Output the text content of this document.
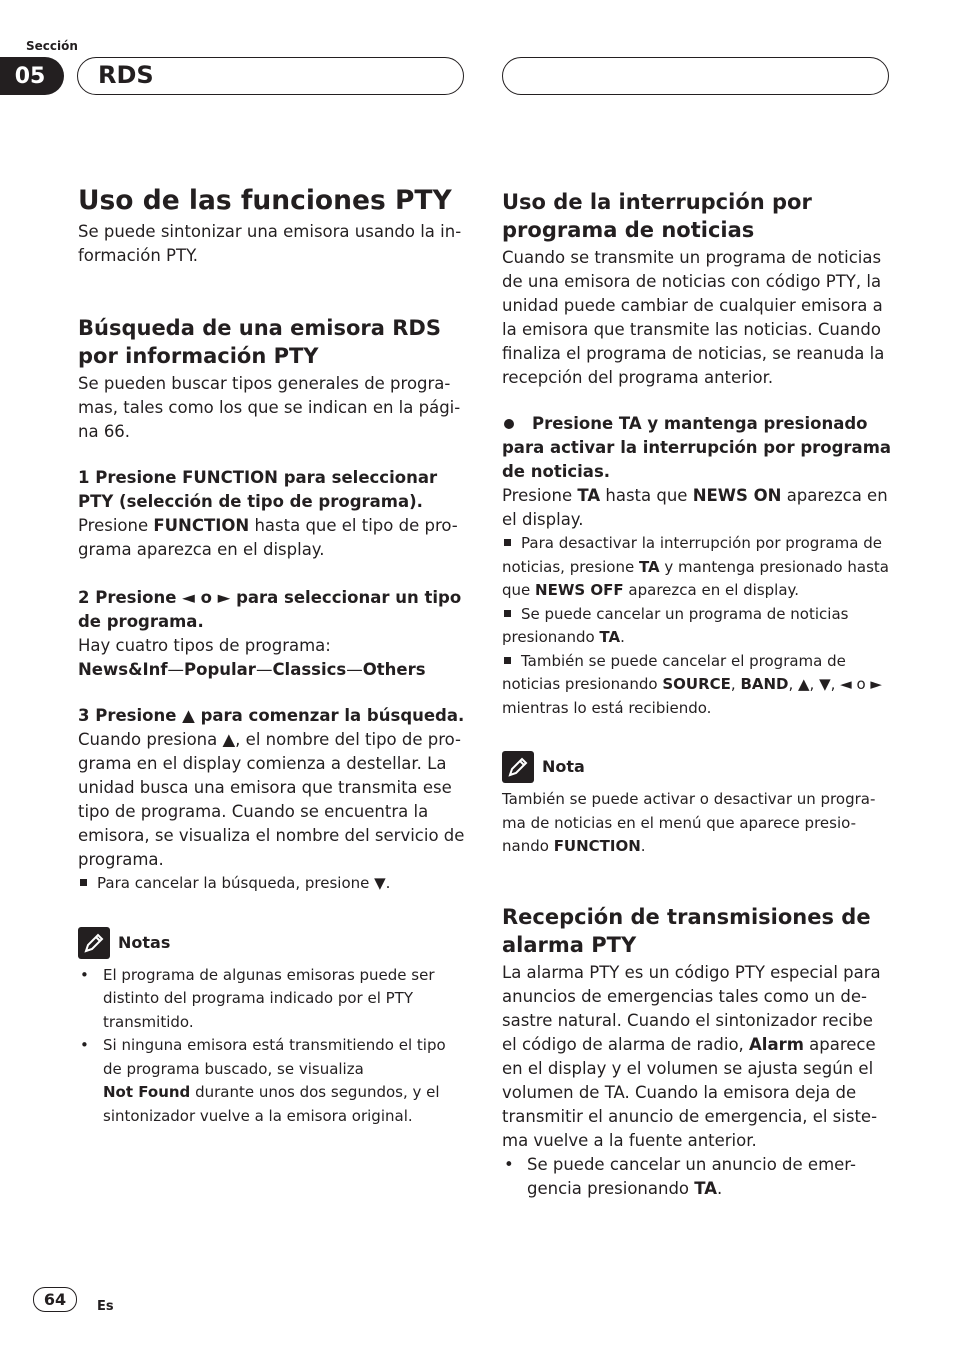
Sección
05	RDS
Uso de las funciones PTY

Se puede sintonizar una emisora usando la in-formación PTY.

Búsqueda de una emisora RDS por información PTY

Se pueden buscar tipos generales de progra-mas, tales como los que se indican en la pági-na 66.

1 Presione FUNCTION para seleccionar PTY (selección de tipo de programa).

Presione FUNCTION hasta que el tipo de pro-grama aparezca en el display.

2 Presione ◄ o ► para seleccionar un tipo de programa.

Hay cuatro tipos de programa:

News&Inf—Popular—Classics—Others

3 Presione ▲ para comenzar la búsqueda.

Cuando presiona ▲, el nombre del tipo de pro-grama en el display comienza a destellar. La unidad busca una emisora que transmita ese tipo de programa. Cuando se encuentra la emisora, se visualiza el nombre del servicio de programa.

Para cancelar la búsqueda, presione ▼.

Notas

• El programa de algunas emisoras puede ser distinto del programa indicado por el PTY transmitido.

• Si ninguna emisora está transmitiendo el tipo de programa buscado, se visualiza
Not Found durante unos dos segundos, y el sintonizador vuelve a la emisora original.

Uso de la interrupción por programa de noticias

Cuando se transmite un programa de noticias de una emisora de noticias con código PTY, la unidad puede cambiar de cualquier emisora a la emisora que transmite las noticias. Cuando finaliza el programa de noticias, se reanuda la recepción del programa anterior.

Presione TA y mantenga presionado para activar la interrupción por programa de noticias.

Presione TA hasta que NEWS ON aparezca en el display.

Para desactivar la interrupción por programa de noticias, presione TA y mantenga presionado hasta que NEWS OFF aparezca en el display.

Se puede cancelar un programa de noticias presionando TA.

También se puede cancelar el programa de noticias presionando SOURCE, BAND, ▲, ▼, ◄ o ► mientras lo está recibiendo.

Nota

También se puede activar o desactivar un progra-ma de noticias en el menú que aparece presio-nando FUNCTION.

Recepción de transmisiones de alarma PTY

La alarma PTY es un código PTY especial para anuncios de emergencias tales como un de-sastre natural. Cuando el sintonizador recibe el código de alarma de radio, Alarm aparece en el display y el volumen se ajusta según el volumen de TA. Cuando la emisora deja de transmitir el anuncio de emergencia, el siste-ma vuelve a la fuente anterior.

• Se puede cancelar un anuncio de emer-gencia presionando TA.

64	Es
